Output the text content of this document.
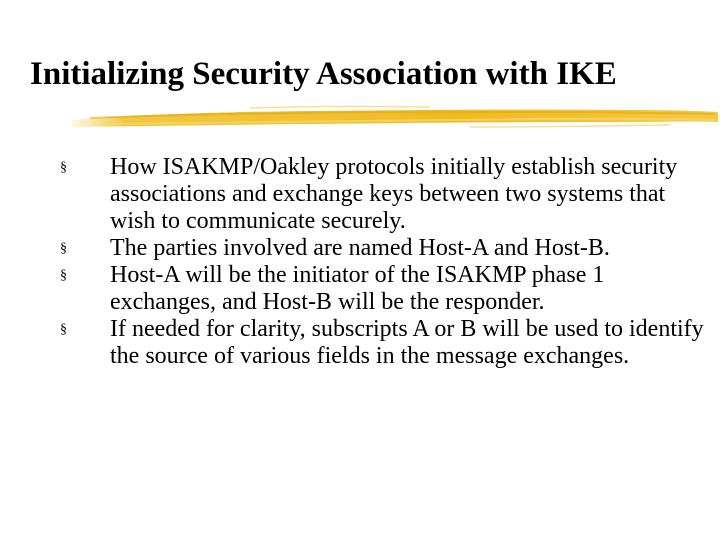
Initializing Security Association with IKE
§	How ISAKMP/Oakley protocols initially establish security associations and exchange keys between two systems that wish to communicate securely.
§	The parties involved are named Host-A and Host-B.
§	Host-A will be the initiator of the ISAKMP phase 1 exchanges, and Host-B will be the responder.
§	If needed for clarity, subscripts A or B will be used to identify the source of various fields in the message exchanges.
